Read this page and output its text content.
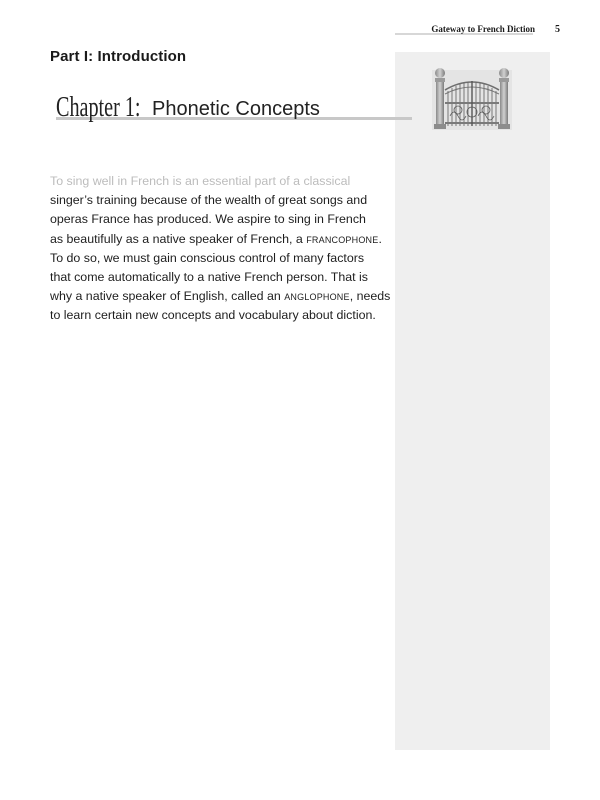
Gateway to French Diction 5
Part I: Introduction
Chapter 1: Phonetic Concepts
To sing well in French is an essential part of a classical
singer’s training because of the wealth of great songs and
operas France has produced. We aspire to sing in French
as beautifully as a native speaker of French, a francophone.
To do so, we must gain conscious control of many factors
that come automatically to a native French person. That is
why a native speaker of English, called an anglophone, needs
to learn certain new concepts and vocabulary about diction.
